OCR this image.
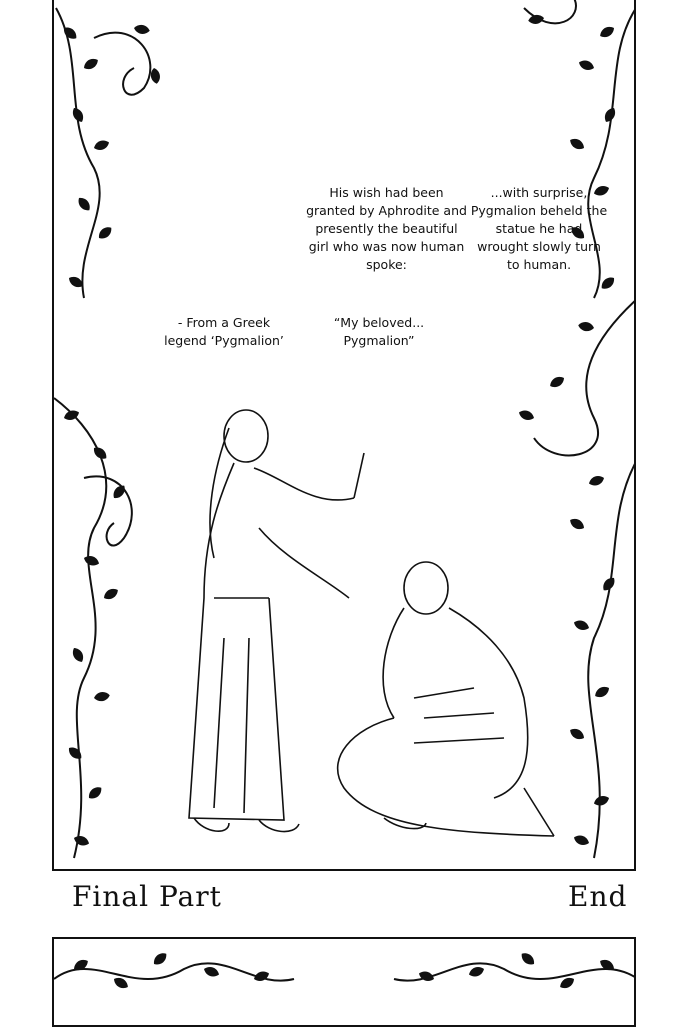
- From a Greek legend ‘Pygmalion’
His wish had been granted by Aphrodite and presently the beautiful girl who was now human spoke:
“My beloved... Pygmalion”
...with surprise, Pygmalion beheld the statue he had wrought slowly turn to human.
Final Part	End
